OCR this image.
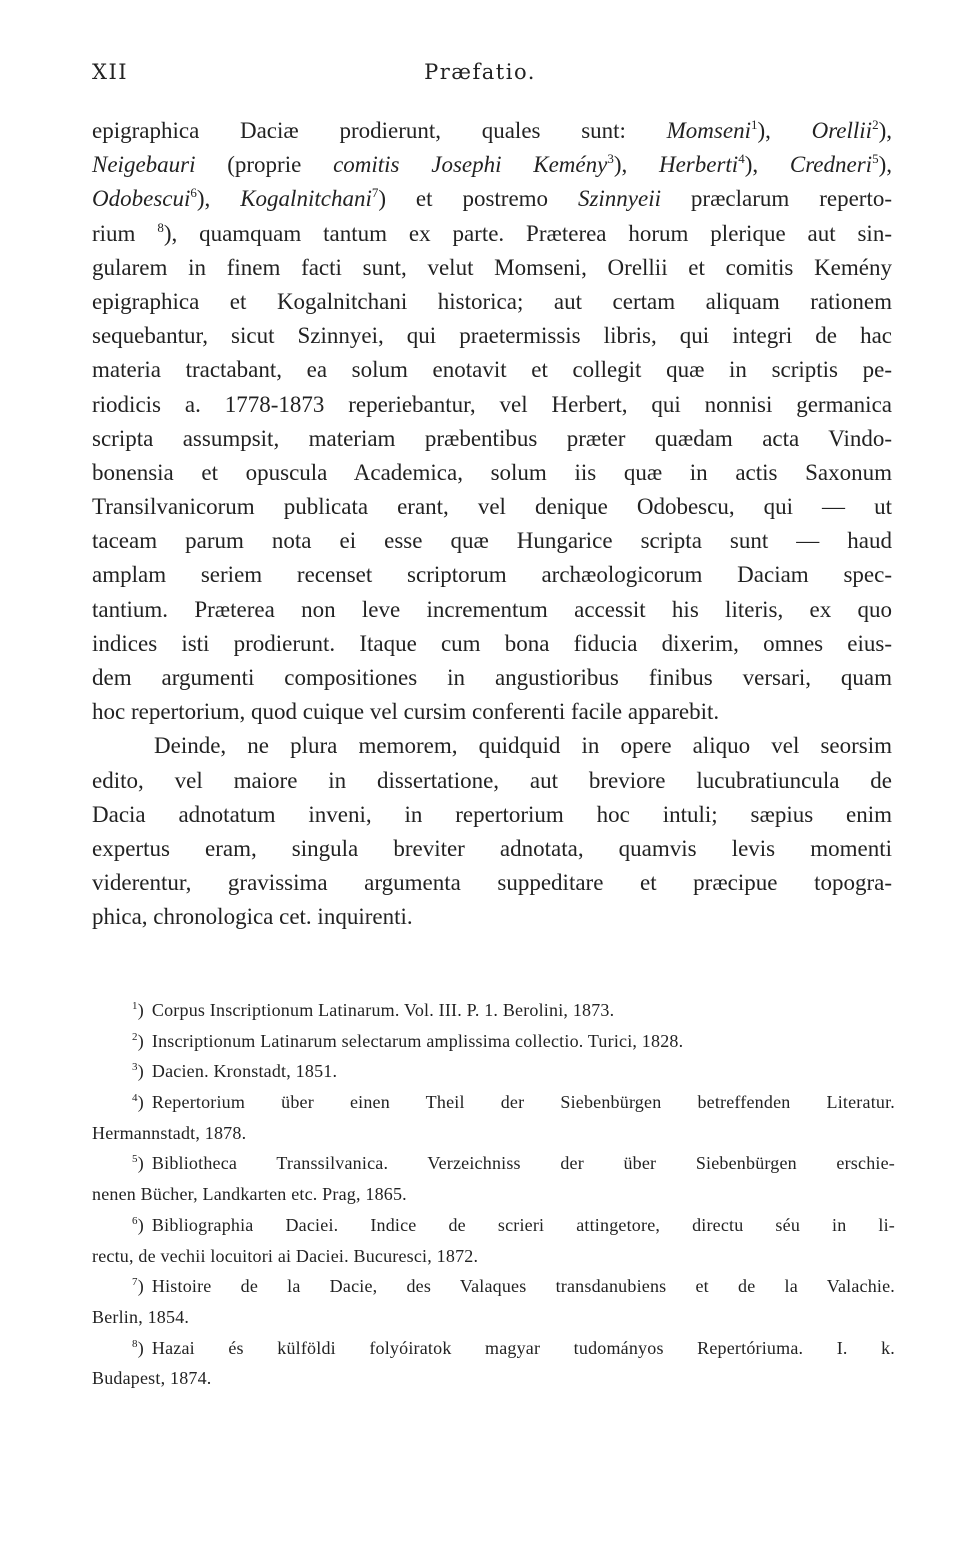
XII	Præfatio.
epigraphica Daciæ prodierunt, quales sunt: Momseni$^1$), Orellii$^2$),
Neigebauri (proprie comitis Josephi Kemény$^3$), Herberti$^4$), Credneri$^5$),
Odobescui$^6$), Kogalnitchani$^7$) et postremo Szinnyeii præclarum reperto-
rium $^8$), quamquam tantum ex parte. Præterea horum plerique aut sin-
gularem in finem facti sunt, velut Momseni, Orellii et comitis Kemény
epigraphica et Kogalnitchani historica; aut certam aliquam rationem
sequebantur, sicut Szinnyei, qui praetermissis libris, qui integri de hac
materia tractabant, ea solum enotavit et collegit quæ in scriptis pe-
riodicis a. 1778-1873 reperiebantur, vel Herbert, qui nonnisi germanica
scripta assumpsit, materiam præbentibus præter quædam acta Vindo-
bonensia et opuscula Academica, solum iis quæ in actis Saxonum
Transilvanicorum publicata erant, vel denique Odobescu, qui — ut
taceam parum nota ei esse quæ Hungarice scripta sunt — haud
amplam seriem recenset scriptorum archæologicorum Daciam spec-
tantium. Præterea non leve incrementum accessit his literis, ex quo
indices isti prodierunt. Itaque cum bona fiducia dixerim, omnes eius-
dem argumenti compositiones in angustioribus finibus versari, quam
hoc repertorium, quod cuique vel cursim conferenti facile apparebit.
Deinde, ne plura memorem, quidquid in opere aliquo vel seorsim
edito, vel maiore in dissertatione, aut breviore lucubratiuncula de
Dacia adnotatum inveni, in repertorium hoc intuli; sæpius enim
expertus eram, singula breviter adnotata, quamvis levis momenti
viderentur, gravissima argumenta suppeditare et præcipue topogra-
phica, chronologica cet. inquirenti.
$^1$) Corpus Inscriptionum Latinarum. Vol. III. P. 1. Berolini, 1873.
$^2$) Inscriptionum Latinarum selectarum amplissima collectio. Turici, 1828.
$^3$) Dacien. Kronstadt, 1851.
$^4$) Repertorium über einen Theil der Siebenbürgen betreffenden Literatur.
Hermannstadt, 1878.
$^5$) Bibliotheca Transsilvanica. Verzeichniss der über Siebenbürgen erschie-
nenen Bücher, Landkarten etc. Prag, 1865.
$^6$) Bibliographia Daciei. Indice de scrieri attingetore, directu séu in li-
rectu, de vechii locuitori ai Daciei. Bucuresci, 1872.
$^7$) Histoire de la Dacie, des Valaques transdanubiens et de la Valachie.
Berlin, 1854.
$^8$) Hazai és külföldi folyóiratok magyar tudományos Repertóriuma. I. k.
Budapest, 1874.
